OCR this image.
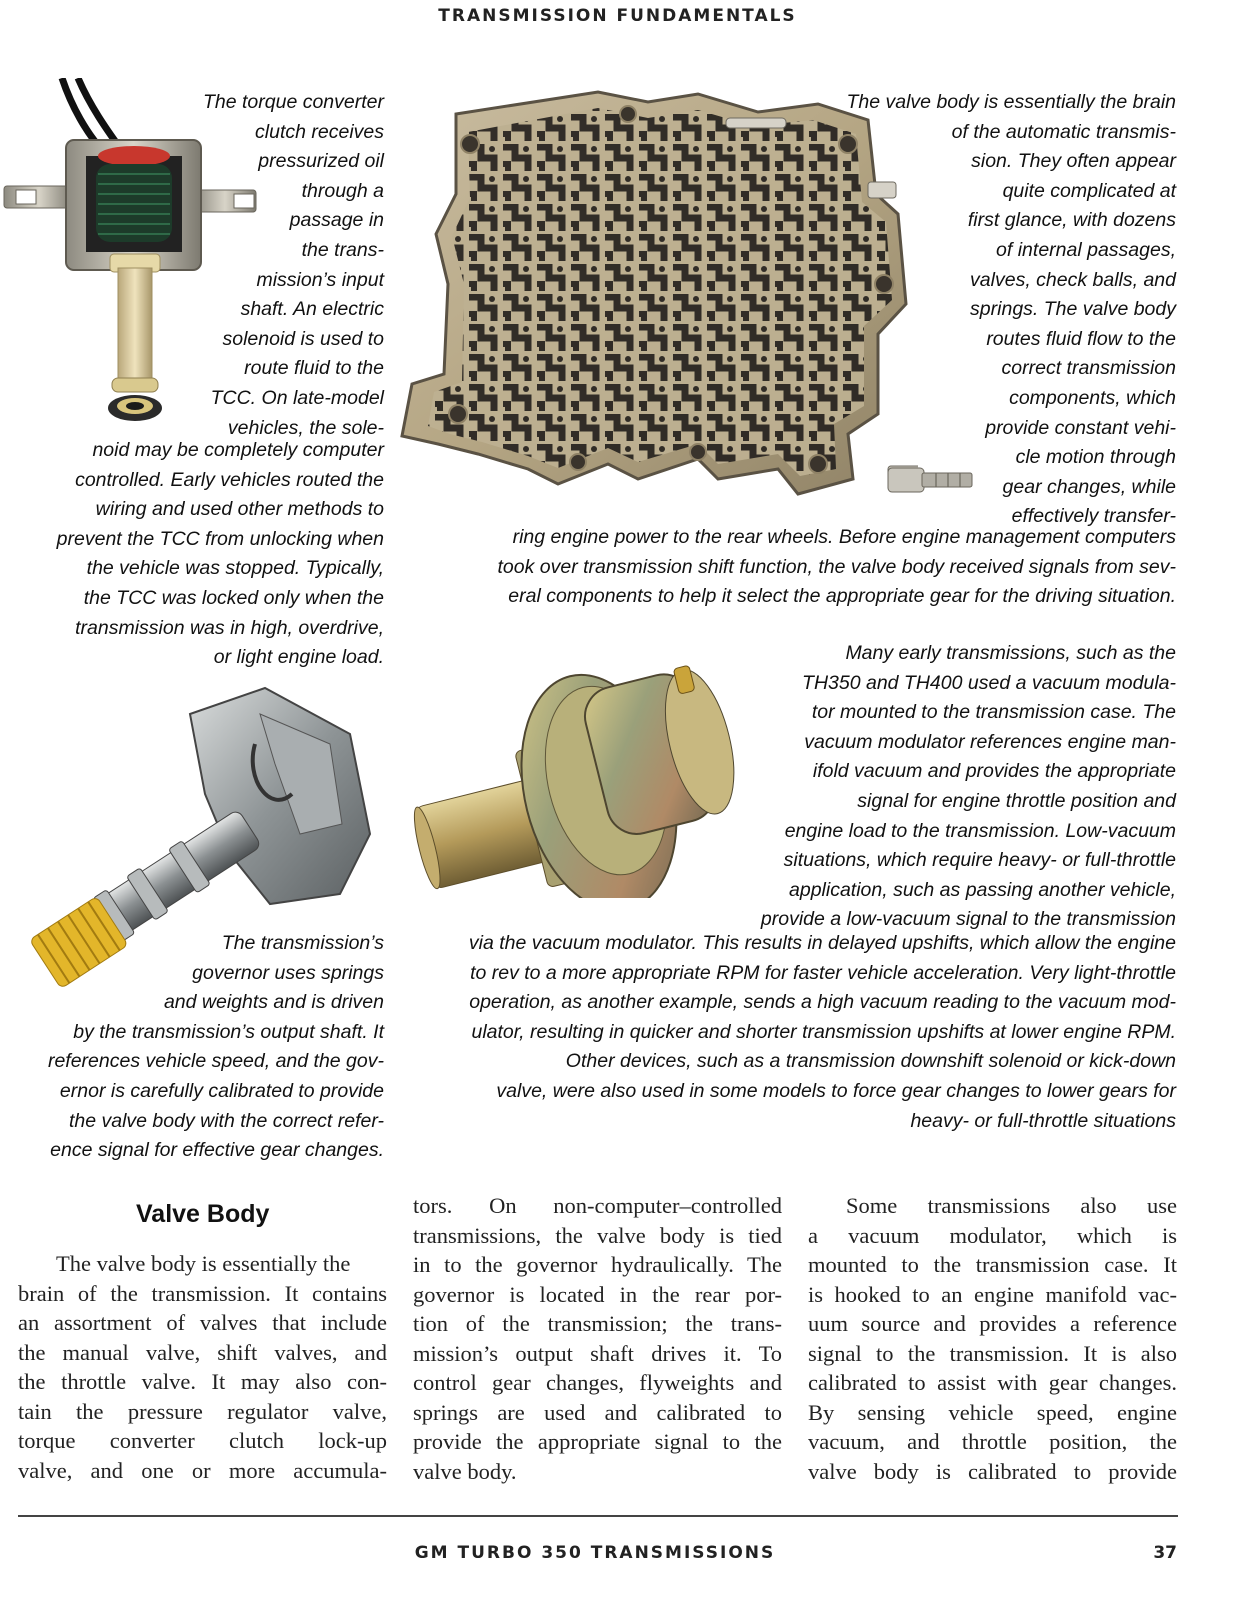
TRANSMISSION FUNDAMENTALS
The torque converter
clutch receives
pressurized oil
through a
passage in
the trans-
mission’s input
shaft. An electric
solenoid is used to
route fluid to the
TCC. On late-model
vehicles, the sole-
noid may be completely computer
controlled. Early vehicles routed the
wiring and used other methods to
prevent the TCC from unlocking when
the vehicle was stopped. Typically,
the TCC was locked only when the
transmission was in high, overdrive,
or light engine load.
The valve body is essentially the brain
of the automatic transmis-
sion. They often appear
quite complicated at
first glance, with dozens
of internal passages,
valves, check balls, and
springs. The valve body
routes fluid flow to the
correct transmission
components, which
provide constant vehi-
cle motion through
gear changes, while
effectively transfer-
ring engine power to the rear wheels. Before engine management computers
took over transmission shift function, the valve body received signals from sev-
eral components to help it select the appropriate gear for the driving situation.
Many early transmissions, such as the
TH350 and TH400 used a vacuum modula-
tor mounted to the transmission case. The
vacuum modulator references engine man-
ifold vacuum and provides the appropriate
signal for engine throttle position and
engine load to the transmission. Low-vacuum
situations, which require heavy- or full-throttle
application, such as passing another vehicle,
provide a low-vacuum signal to the transmission
via the vacuum modulator. This results in delayed upshifts, which allow the engine
to rev to a more appropriate RPM for faster vehicle acceleration. Very light-throttle
operation, as another example, sends a high vacuum reading to the vacuum mod-
ulator, resulting in quicker and shorter transmission upshifts at lower engine RPM.
Other devices, such as a transmission downshift solenoid or kick-down
valve, were also used in some models to force gear changes to lower gears for
heavy- or full-throttle situations
The transmission’s
governor uses springs
and weights and is driven
by the transmission’s output shaft. It
references vehicle speed, and the gov-
ernor is carefully calibrated to provide
the valve body with the correct refer-
ence signal for effective gear changes.
Valve Body
The valve body is essentially the
brain of the transmission. It contains
an assortment of valves that include
the manual valve, shift valves, and
the throttle valve. It may also con-
tain the pressure regulator valve,
torque converter clutch lock-up
valve, and one or more accumula-
tors. On non-computer–controlled
transmissions, the valve body is tied
in to the governor hydraulically. The
governor is located in the rear por-
tion of the transmission; the trans-
mission’s output shaft drives it. To
control gear changes, flyweights and
springs are used and calibrated to
provide the appropriate signal to the
valve body.
Some transmissions also use
a vacuum modulator, which is
mounted to the transmission case. It
is hooked to an engine manifold vac-
uum source and provides a reference
signal to the transmission. It is also
calibrated to assist with gear changes.
By sensing vehicle speed, engine
vacuum, and throttle position, the
valve body is calibrated to provide
GM TURBO 350 TRANSMISSIONS	37
